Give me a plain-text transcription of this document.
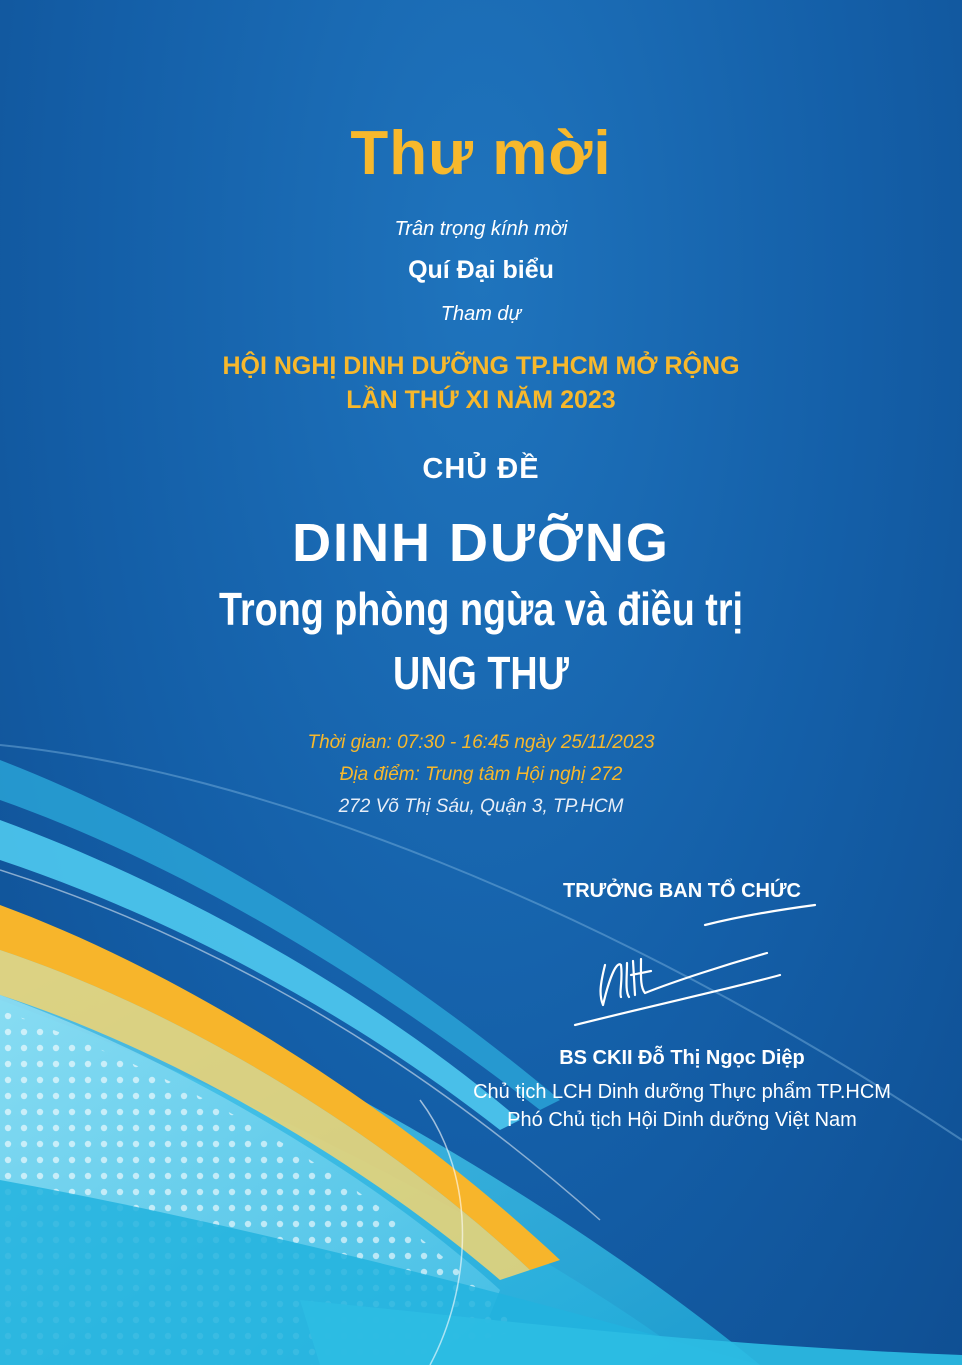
Thư mời
Trân trọng kính mời
Quí Đại biểu
Tham dự
HỘI NGHỊ DINH DƯỠNG TP.HCM MỞ RỘNG
LẦN THỨ XI NĂM 2023
CHỦ ĐỀ
DINH DƯỠNG
Trong phòng ngừa và điều trị
UNG THƯ
Thời gian: 07:30 - 16:45 ngày 25/11/2023
Địa điểm: Trung tâm Hội nghị 272
272 Võ Thị Sáu, Quận 3, TP.HCM
TRƯỞNG BAN TỔ CHỨC
BS CKII Đỗ Thị Ngọc Diệp
Chủ tịch LCH Dinh dưỡng Thực phẩm TP.HCM
Phó Chủ tịch Hội Dinh dưỡng Việt Nam
